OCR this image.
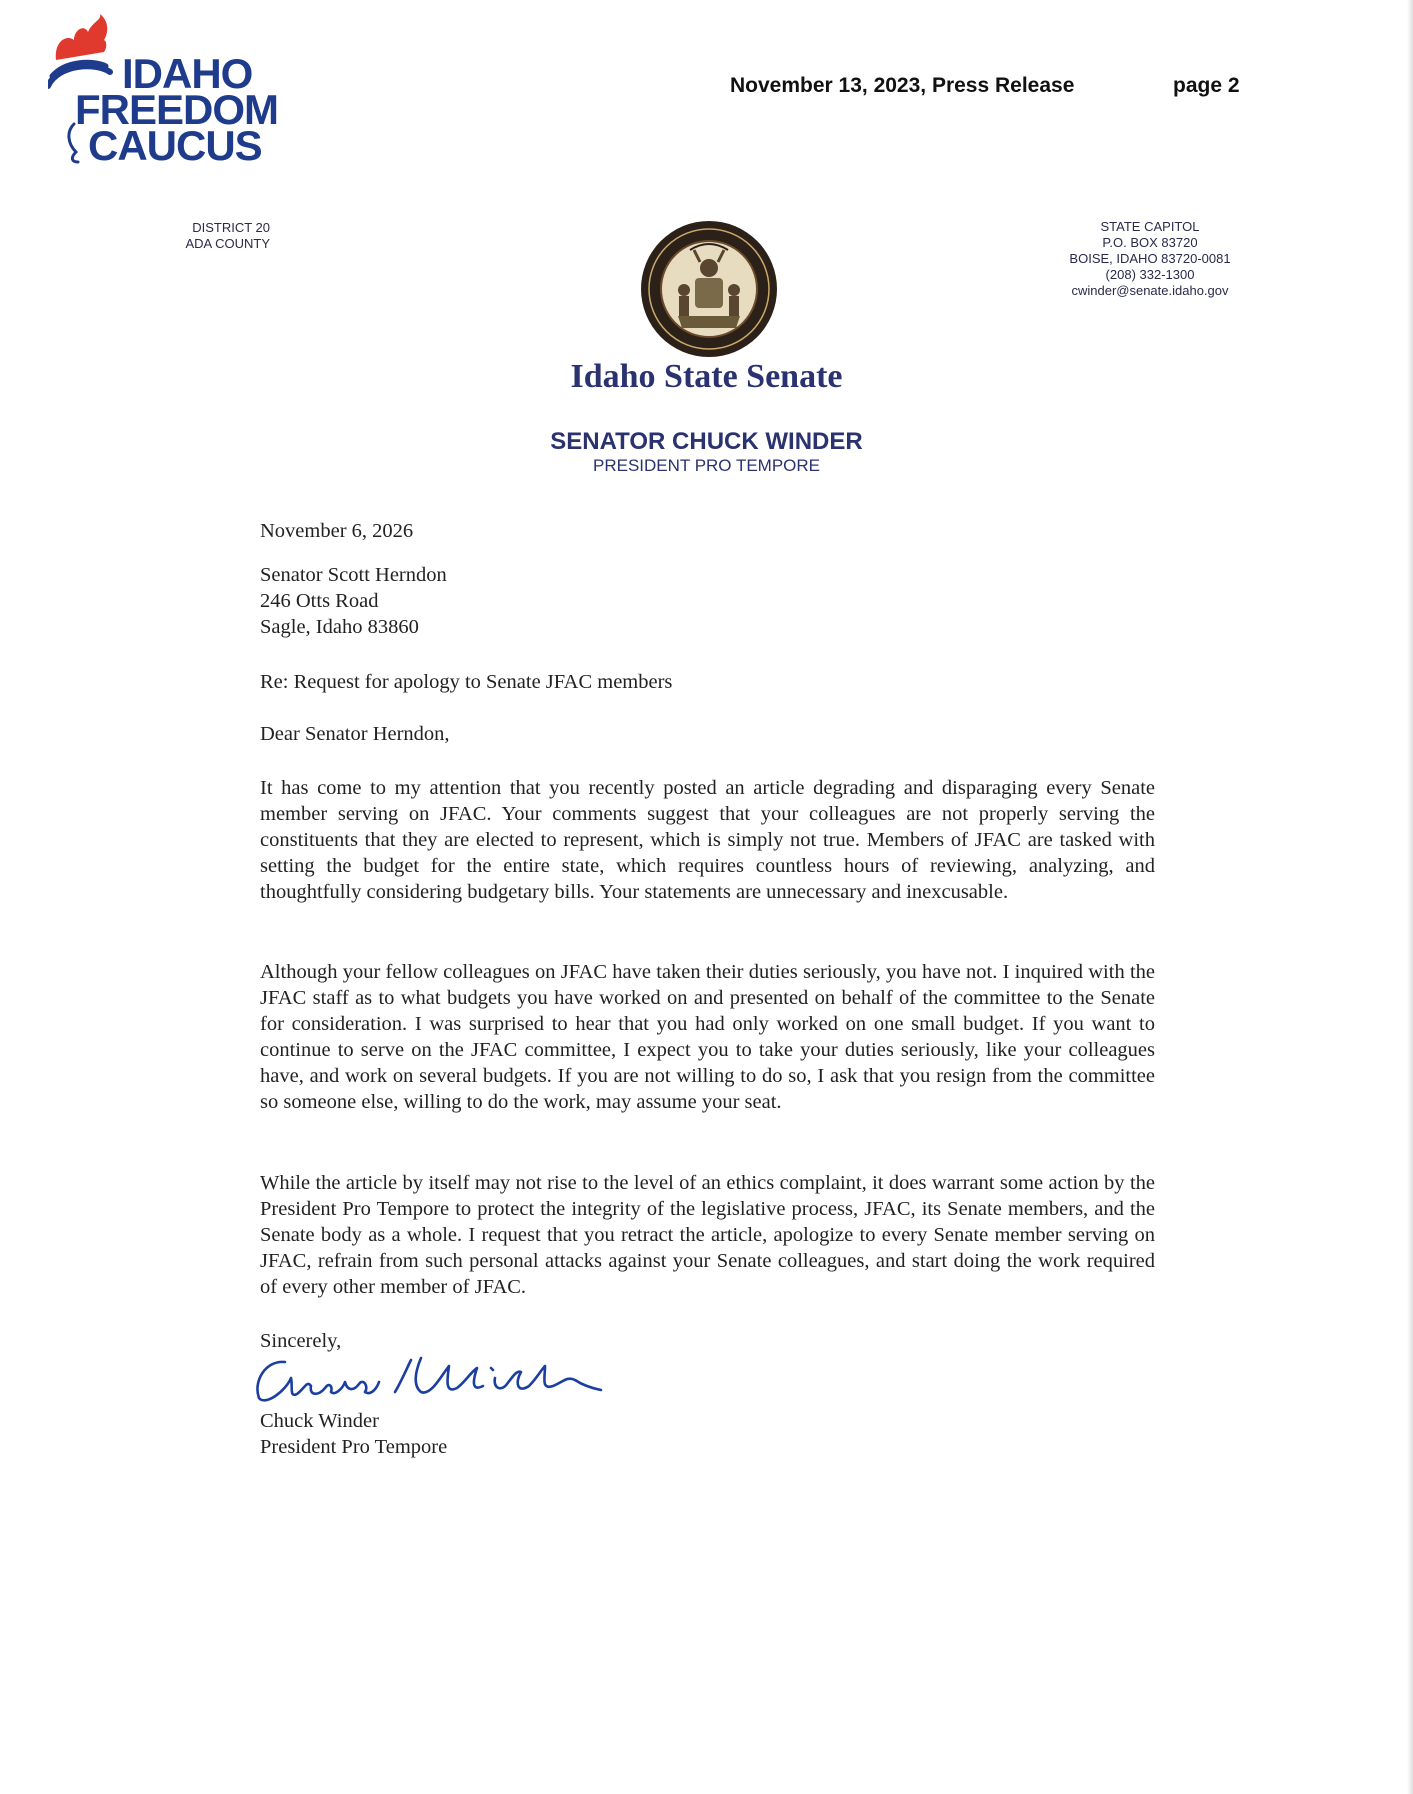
IDAHO
FREEDOM
CAUCUS
November 13, 2023, Press Release	page 2
DISTRICT 20
ADA COUNTY
STATE CAPITOL
P.O. BOX 83720
BOISE, IDAHO 83720-0081
(208) 332-1300
cwinder@senate.idaho.gov
Idaho State Senate
SENATOR CHUCK WINDER
PRESIDENT PRO TEMPORE
November 6, 2026
Senator Scott Herndon
246 Otts Road
Sagle, Idaho 83860
Re: Request for apology to Senate JFAC members
Dear Senator Herndon,
It has come to my attention that you recently posted an article degrading and disparaging every Senate member serving on JFAC. Your comments suggest that your colleagues are not properly serving the constituents that they are elected to represent, which is simply not true. Members of JFAC are tasked with setting the budget for the entire state, which requires countless hours of reviewing, analyzing, and thoughtfully considering budgetary bills. Your statements are unnecessary and inexcusable.
Although your fellow colleagues on JFAC have taken their duties seriously, you have not. I inquired with the JFAC staff as to what budgets you have worked on and presented on behalf of the committee to the Senate for consideration. I was surprised to hear that you had only worked on one small budget. If you want to continue to serve on the JFAC committee, I expect you to take your duties seriously, like your colleagues have, and work on several budgets. If you are not willing to do so, I ask that you resign from the committee so someone else, willing to do the work, may assume your seat.
While the article by itself may not rise to the level of an ethics complaint, it does warrant some action by the President Pro Tempore to protect the integrity of the legislative process, JFAC, its Senate members, and the Senate body as a whole. I request that you retract the article, apologize to every Senate member serving on JFAC, refrain from such personal attacks against your Senate colleagues, and start doing the work required of every other member of JFAC.
Sincerely,
Chuck Winder
President Pro Tempore
